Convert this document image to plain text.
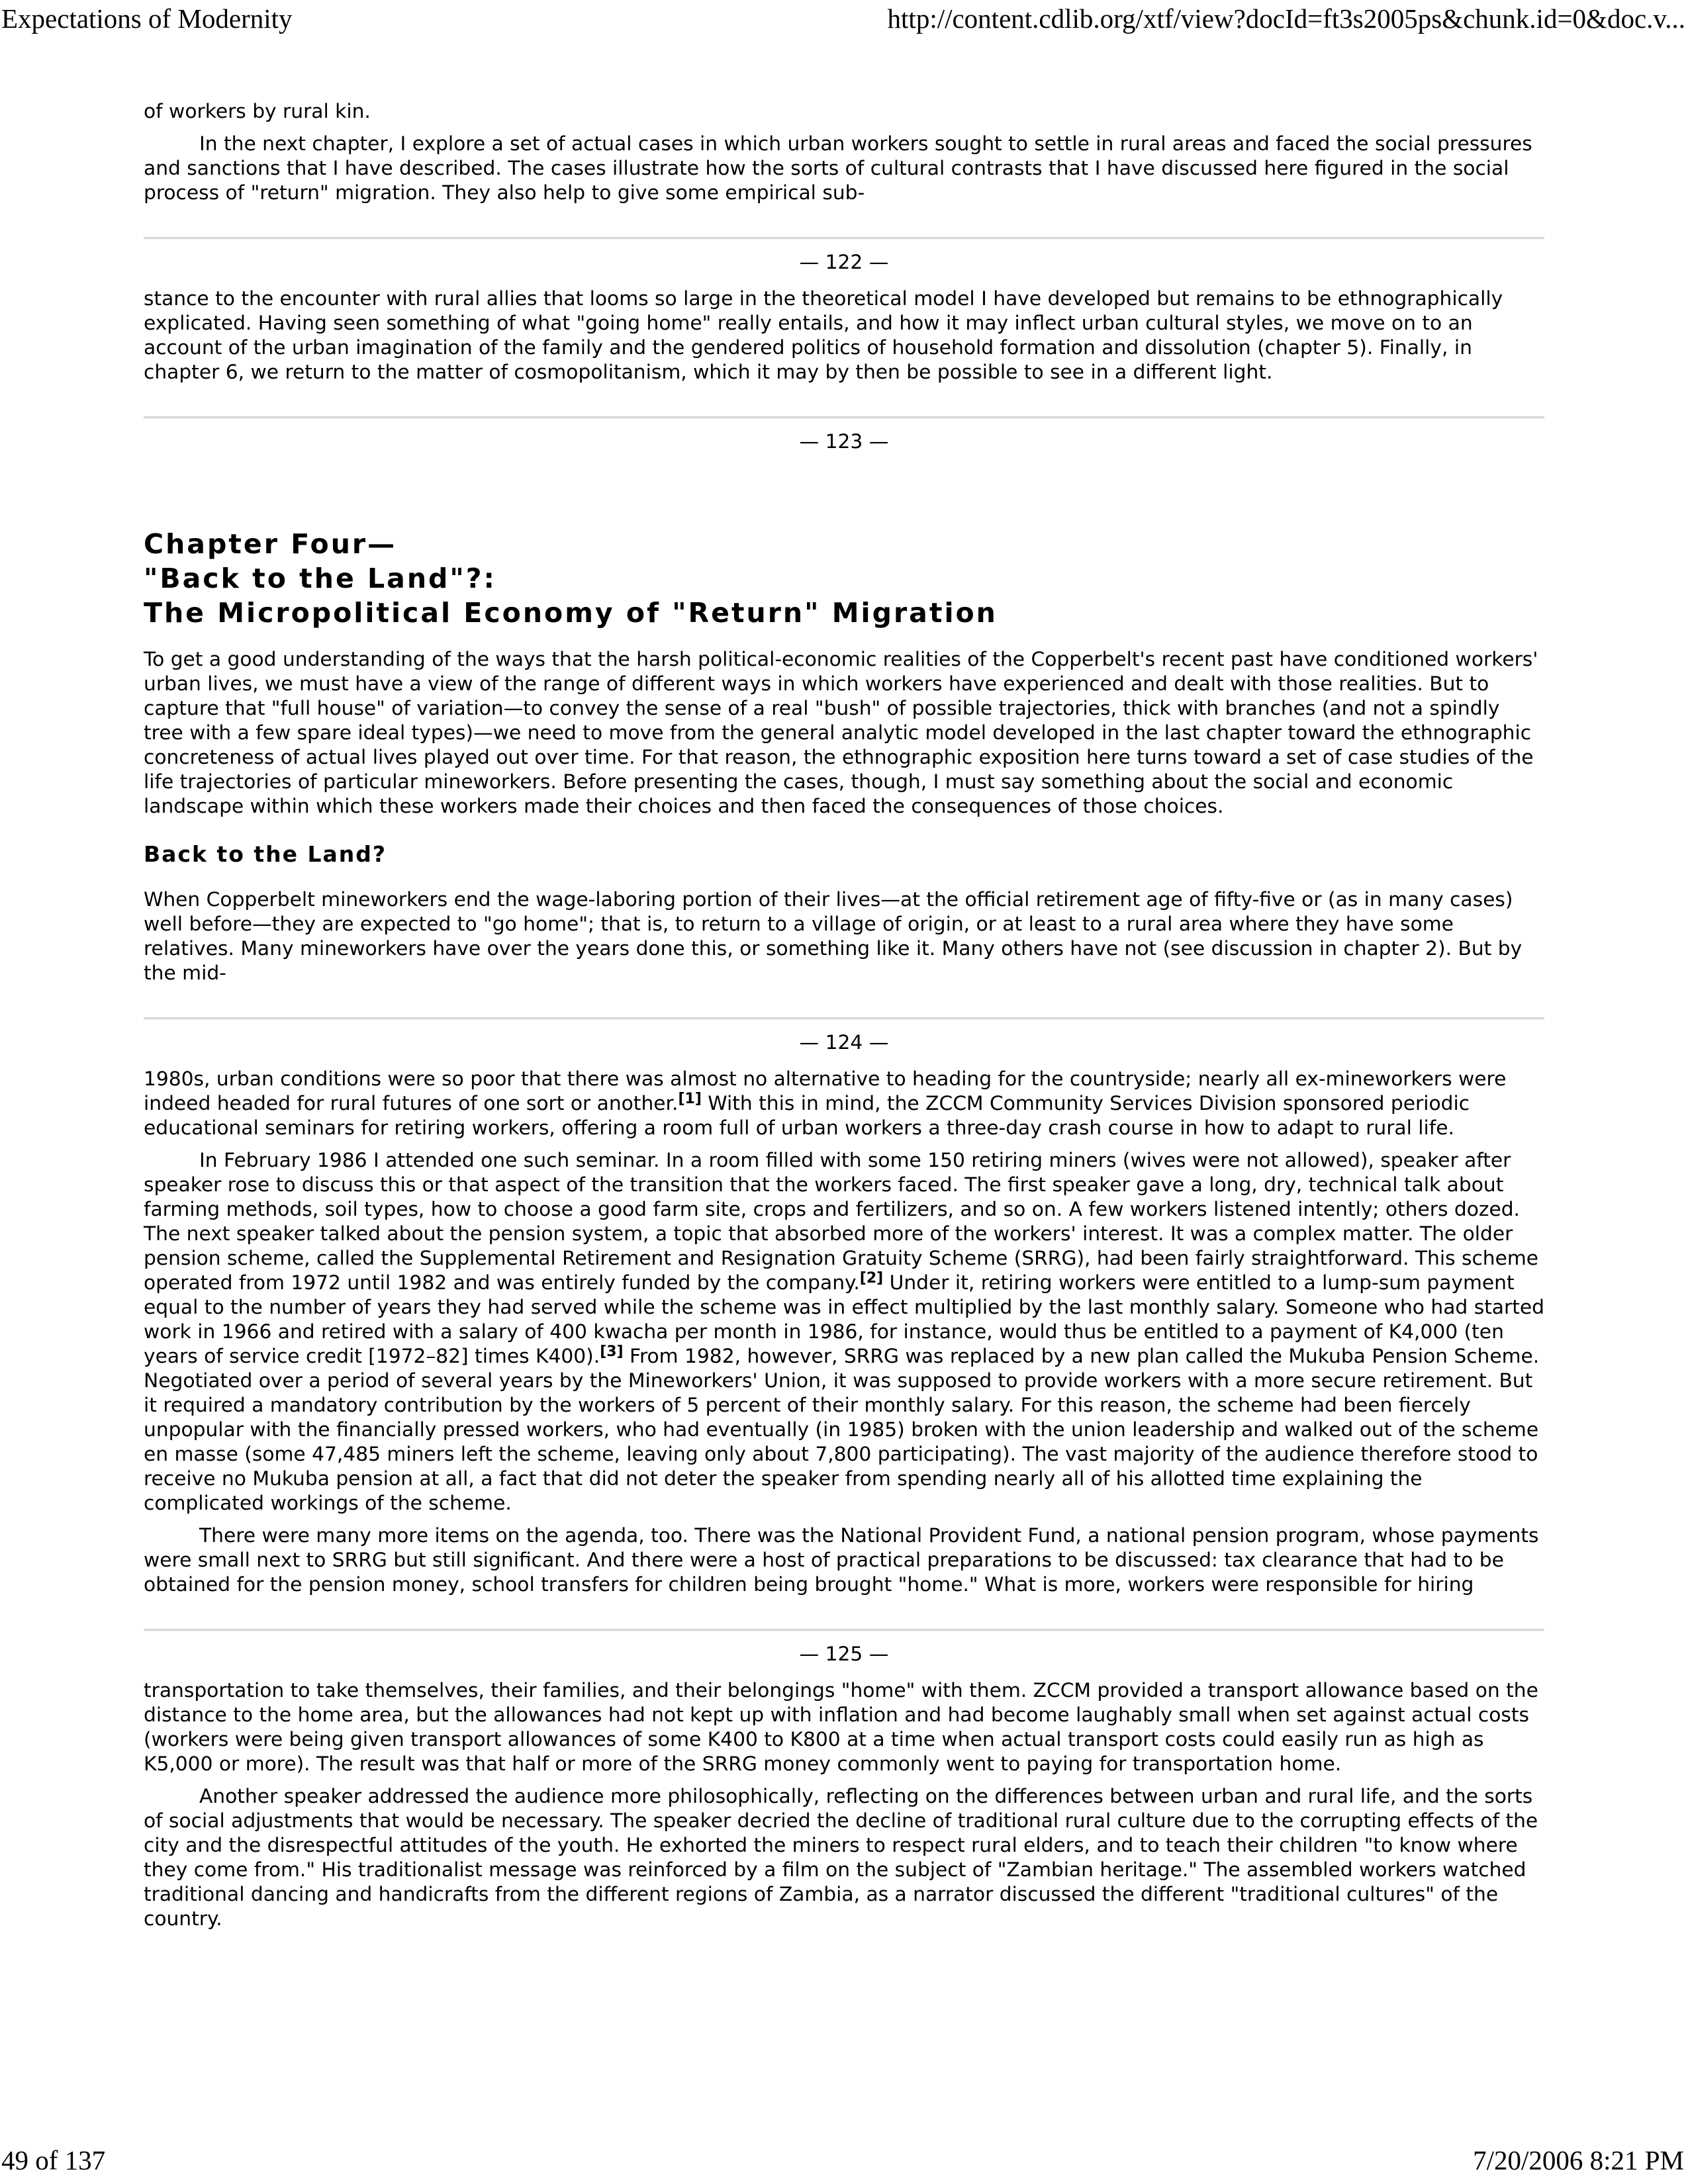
Expectations of Modernity	http://content.cdlib.org/xtf/view?docId=ft3s2005ps&chunk.id=0&doc.v...

of workers by rural kin.

In the next chapter, I explore a set of actual cases in which urban workers sought to settle in rural areas and faced the social pressures and sanctions that I have described. The cases illustrate how the sorts of cultural contrasts that I have discussed here figured in the social process of "return" migration. They also help to give some empirical sub-

— 122 —

stance to the encounter with rural allies that looms so large in the theoretical model I have developed but remains to be ethnographically explicated. Having seen something of what "going home" really entails, and how it may inflect urban cultural styles, we move on to an account of the urban imagination of the family and the gendered politics of household formation and dissolution (chapter 5). Finally, in chapter 6, we return to the matter of cosmopolitanism, which it may by then be possible to see in a different light.

— 123 —
Chapter Four—
"Back to the Land"?:
The Micropolitical Economy of "Return" Migration

To get a good understanding of the ways that the harsh political-economic realities of the Copperbelt's recent past have conditioned workers' urban lives, we must have a view of the range of different ways in which workers have experienced and dealt with those realities. But to capture that "full house" of variation—to convey the sense of a real "bush" of possible trajectories, thick with branches (and not a spindly tree with a few spare ideal types)—we need to move from the general analytic model developed in the last chapter toward the ethnographic concreteness of actual lives played out over time. For that reason, the ethnographic exposition here turns toward a set of case studies of the life trajectories of particular mineworkers. Before presenting the cases, though, I must say something about the social and economic landscape within which these workers made their choices and then faced the consequences of those choices.

Back to the Land?

When Copperbelt mineworkers end the wage-laboring portion of their lives—at the official retirement age of fifty-five or (as in many cases) well before—they are expected to "go home"; that is, to return to a village of origin, or at least to a rural area where they have some relatives. Many mineworkers have over the years done this, or something like it. Many others have not (see discussion in chapter 2). But by the mid-

— 124 —

1980s, urban conditions were so poor that there was almost no alternative to heading for the countryside; nearly all ex-mineworkers were indeed headed for rural futures of one sort or another.[1] With this in mind, the ZCCM Community Services Division sponsored periodic educational seminars for retiring workers, offering a room full of urban workers a three-day crash course in how to adapt to rural life.

In February 1986 I attended one such seminar. In a room filled with some 150 retiring miners (wives were not allowed), speaker after speaker rose to discuss this or that aspect of the transition that the workers faced. The first speaker gave a long, dry, technical talk about farming methods, soil types, how to choose a good farm site, crops and fertilizers, and so on. A few workers listened intently; others dozed. The next speaker talked about the pension system, a topic that absorbed more of the workers' interest. It was a complex matter. The older pension scheme, called the Supplemental Retirement and Resignation Gratuity Scheme (SRRG), had been fairly straightforward. This scheme operated from 1972 until 1982 and was entirely funded by the company.[2] Under it, retiring workers were entitled to a lump-sum payment equal to the number of years they had served while the scheme was in effect multiplied by the last monthly salary. Someone who had started work in 1966 and retired with a salary of 400 kwacha per month in 1986, for instance, would thus be entitled to a payment of K4,000 (ten years of service credit [1972–82] times K400).[3] From 1982, however, SRRG was replaced by a new plan called the Mukuba Pension Scheme. Negotiated over a period of several years by the Mineworkers' Union, it was supposed to provide workers with a more secure retirement. But it required a mandatory contribution by the workers of 5 percent of their monthly salary. For this reason, the scheme had been fiercely unpopular with the financially pressed workers, who had eventually (in 1985) broken with the union leadership and walked out of the scheme en masse (some 47,485 miners left the scheme, leaving only about 7,800 participating). The vast majority of the audience therefore stood to receive no Mukuba pension at all, a fact that did not deter the speaker from spending nearly all of his allotted time explaining the complicated workings of the scheme.

There were many more items on the agenda, too. There was the National Provident Fund, a national pension program, whose payments were small next to SRRG but still significant. And there were a host of practical preparations to be discussed: tax clearance that had to be obtained for the pension money, school transfers for children being brought "home." What is more, workers were responsible for hiring

— 125 —

transportation to take themselves, their families, and their belongings "home" with them. ZCCM provided a transport allowance based on the distance to the home area, but the allowances had not kept up with inflation and had become laughably small when set against actual costs (workers were being given transport allowances of some K400 to K800 at a time when actual transport costs could easily run as high as K5,000 or more). The result was that half or more of the SRRG money commonly went to paying for transportation home.

Another speaker addressed the audience more philosophically, reflecting on the differences between urban and rural life, and the sorts of social adjustments that would be necessary. The speaker decried the decline of traditional rural culture due to the corrupting effects of the city and the disrespectful attitudes of the youth. He exhorted the miners to respect rural elders, and to teach their children "to know where they come from." His traditionalist message was reinforced by a film on the subject of "Zambian heritage." The assembled workers watched traditional dancing and handicrafts from the different regions of Zambia, as a narrator discussed the different "traditional cultures" of the country.

49 of 137	7/20/2006 8:21 PM
